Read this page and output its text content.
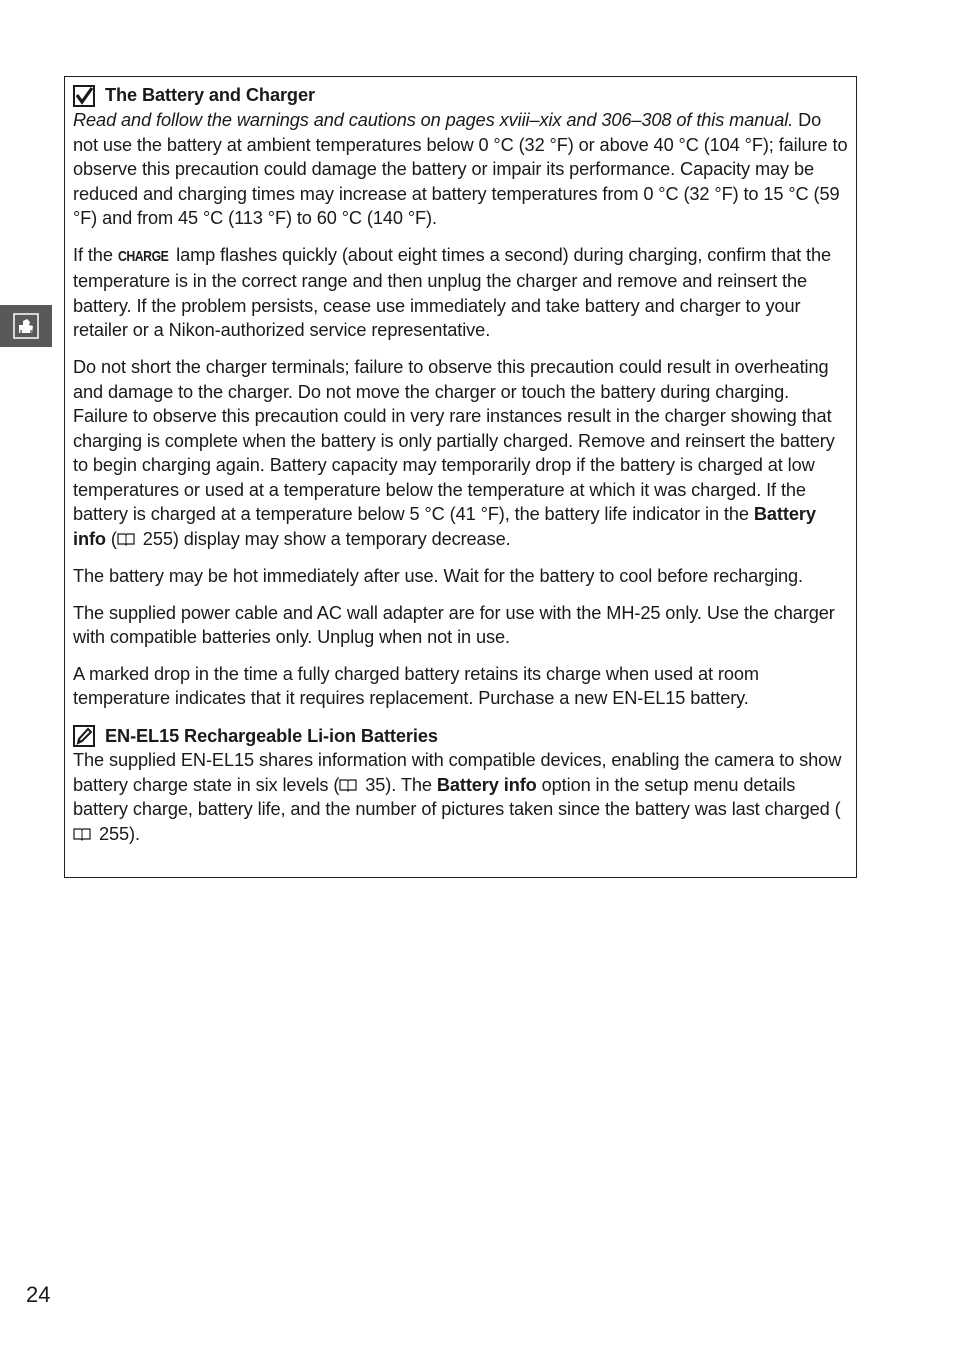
The Battery and Charger

Read and follow the warnings and cautions on pages xviii–xix and 306–308 of this manual. Do not use the battery at ambient temperatures below 0 °C (32 °F) or above 40 °C (104 °F); failure to observe this precaution could damage the battery or impair its performance. Capacity may be reduced and charging times may increase at battery temperatures from 0 °C (32 °F) to 15 °C (59 °F) and from 45 °C (113 °F) to 60 °C (140 °F).

If the CHARGE lamp flashes quickly (about eight times a second) during charging, confirm that the temperature is in the correct range and then unplug the charger and remove and reinsert the battery. If the problem persists, cease use immediately and take battery and charger to your retailer or a Nikon-authorized service representative.

Do not short the charger terminals; failure to observe this precaution could result in overheating and damage to the charger. Do not move the charger or touch the battery during charging. Failure to observe this precaution could in very rare instances result in the charger showing that charging is complete when the battery is only partially charged. Remove and reinsert the battery to begin charging again. Battery capacity may temporarily drop if the battery is charged at low temperatures or used at a temperature below the temperature at which it was charged. If the battery is charged at a temperature below 5 °C (41 °F), the battery life indicator in the Battery info ( 255) display may show a temporary decrease.

The battery may be hot immediately after use. Wait for the battery to cool before recharging.

The supplied power cable and AC wall adapter are for use with the MH-25 only. Use the charger with compatible batteries only. Unplug when not in use.

A marked drop in the time a fully charged battery retains its charge when used at room temperature indicates that it requires replacement. Purchase a new EN-EL15 battery.

EN-EL15 Rechargeable Li-ion Batteries

The supplied EN-EL15 shares information with compatible devices, enabling the camera to show battery charge state in six levels ( 35). The Battery info option in the setup menu details battery charge, battery life, and the number of pictures taken since the battery was last charged ( 255).

24
